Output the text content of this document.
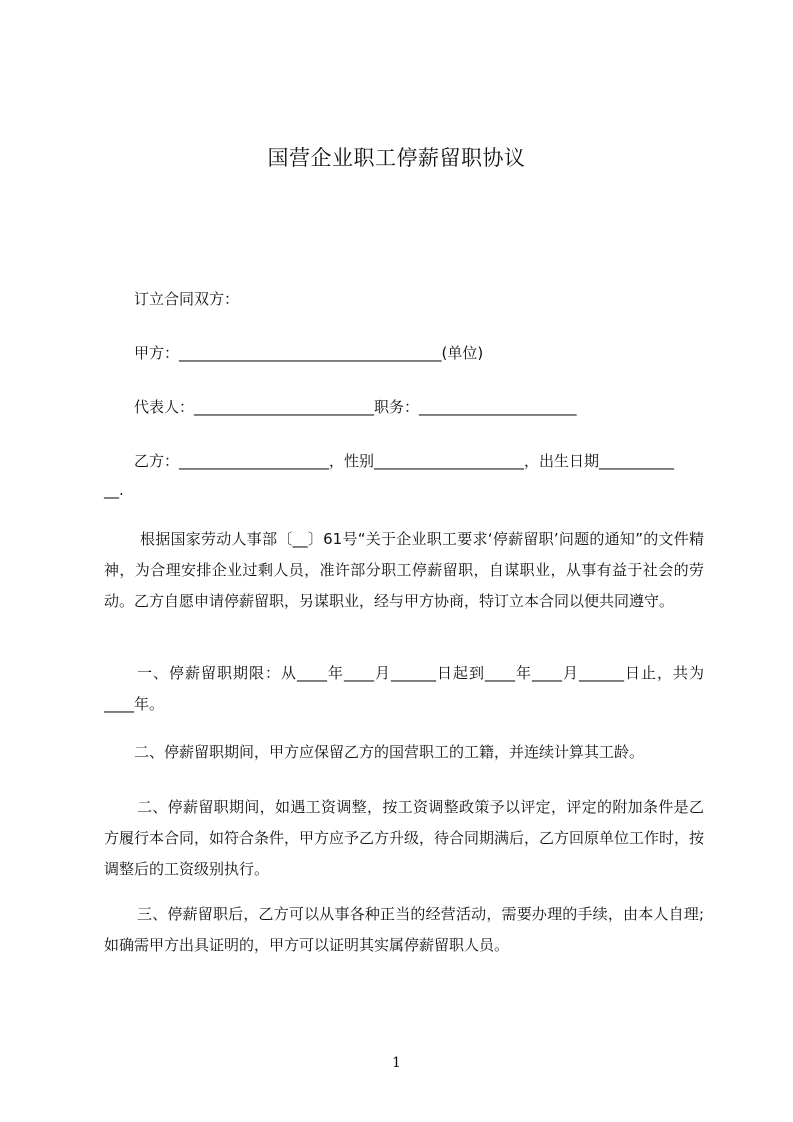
国营企业职工停薪留职协议
订立合同双方：
甲方：___________________________________(单位)
代表人：________________________职务：_____________________
乙方：____________________，性别____________________，出生日期__________
__.
根据国家劳动人事部〔__〕61号“关于企业职工要求‘停薪留职’问题的通知”的文件精神，为合理安排企业过剩人员，准许部分职工停薪留职，自谋职业，从事有益于社会的劳动。乙方自愿申请停薪留职，另谋职业，经与甲方协商，特订立本合同以便共同遵守。
一、停薪留职期限：从____年____月______日起到____年____月______日止，共为____年。
二、停薪留职期间，甲方应保留乙方的国营职工的工籍，并连续计算其工龄。
二、停薪留职期间，如遇工资调整，按工资调整政策予以评定，评定的附加条件是乙方履行本合同，如符合条件，甲方应予乙方升级，待合同期满后，乙方回原单位工作时，按调整后的工资级别执行。
三、停薪留职后，乙方可以从事各种正当的经营活动，需要办理的手续，由本人自理;如确需甲方出具证明的，甲方可以证明其实属停薪留职人员。
1
